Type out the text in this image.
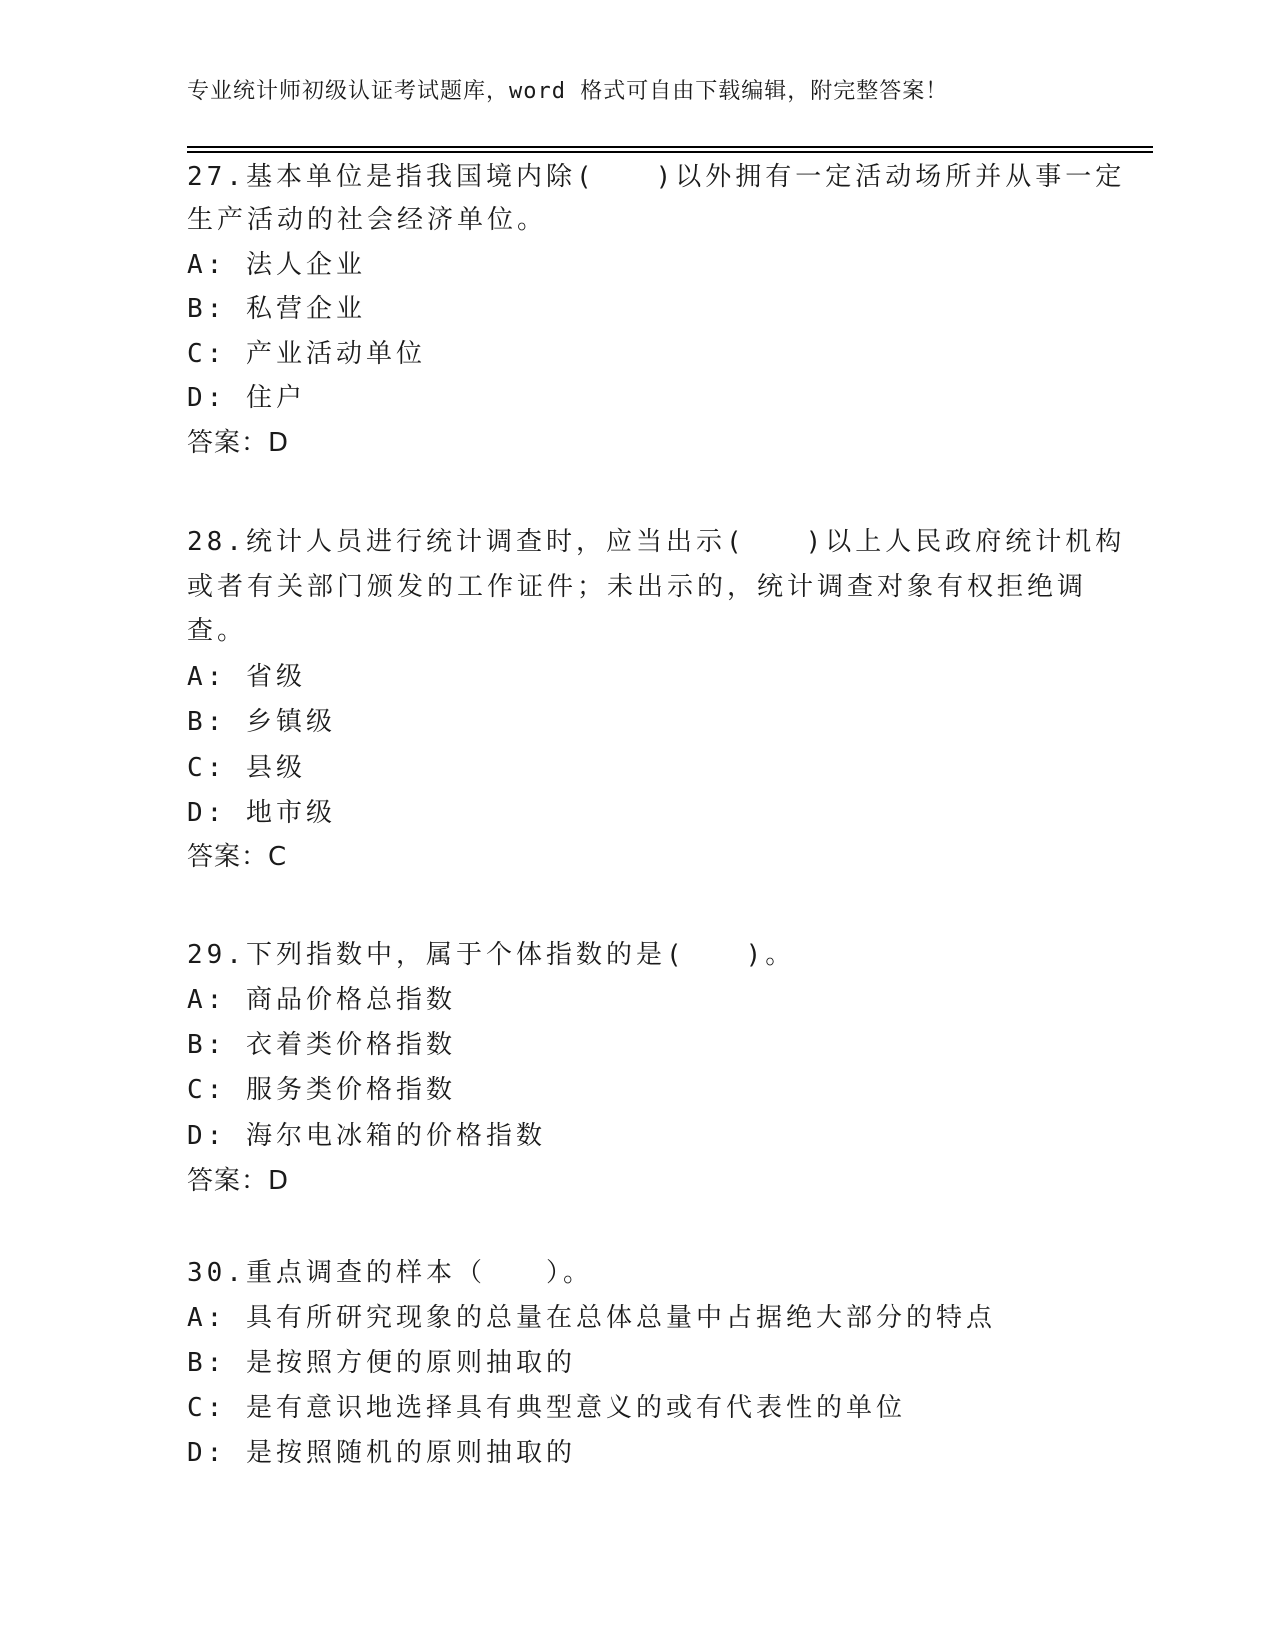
专业统计师初级认证考试题库，word 格式可自由下载编辑，附完整答案！
27.基本单位是指我国境内除(　　)以外拥有一定活动场所并从事一定
生产活动的社会经济单位。
A: 法人企业
B: 私营企业
C: 产业活动单位
D: 住户
答案：D
28.统计人员进行统计调查时，应当出示(　　)以上人民政府统计机构
或者有关部门颁发的工作证件；未出示的，统计调查对象有权拒绝调
查。
A: 省级
B: 乡镇级
C: 县级
D: 地市级
答案：C
29.下列指数中，属于个体指数的是(　　)。
A: 商品价格总指数
B: 衣着类价格指数
C: 服务类价格指数
D: 海尔电冰箱的价格指数
答案：D
30.重点调查的样本（　　）。
A: 具有所研究现象的总量在总体总量中占据绝大部分的特点
B: 是按照方便的原则抽取的
C: 是有意识地选择具有典型意义的或有代表性的单位
D: 是按照随机的原则抽取的
